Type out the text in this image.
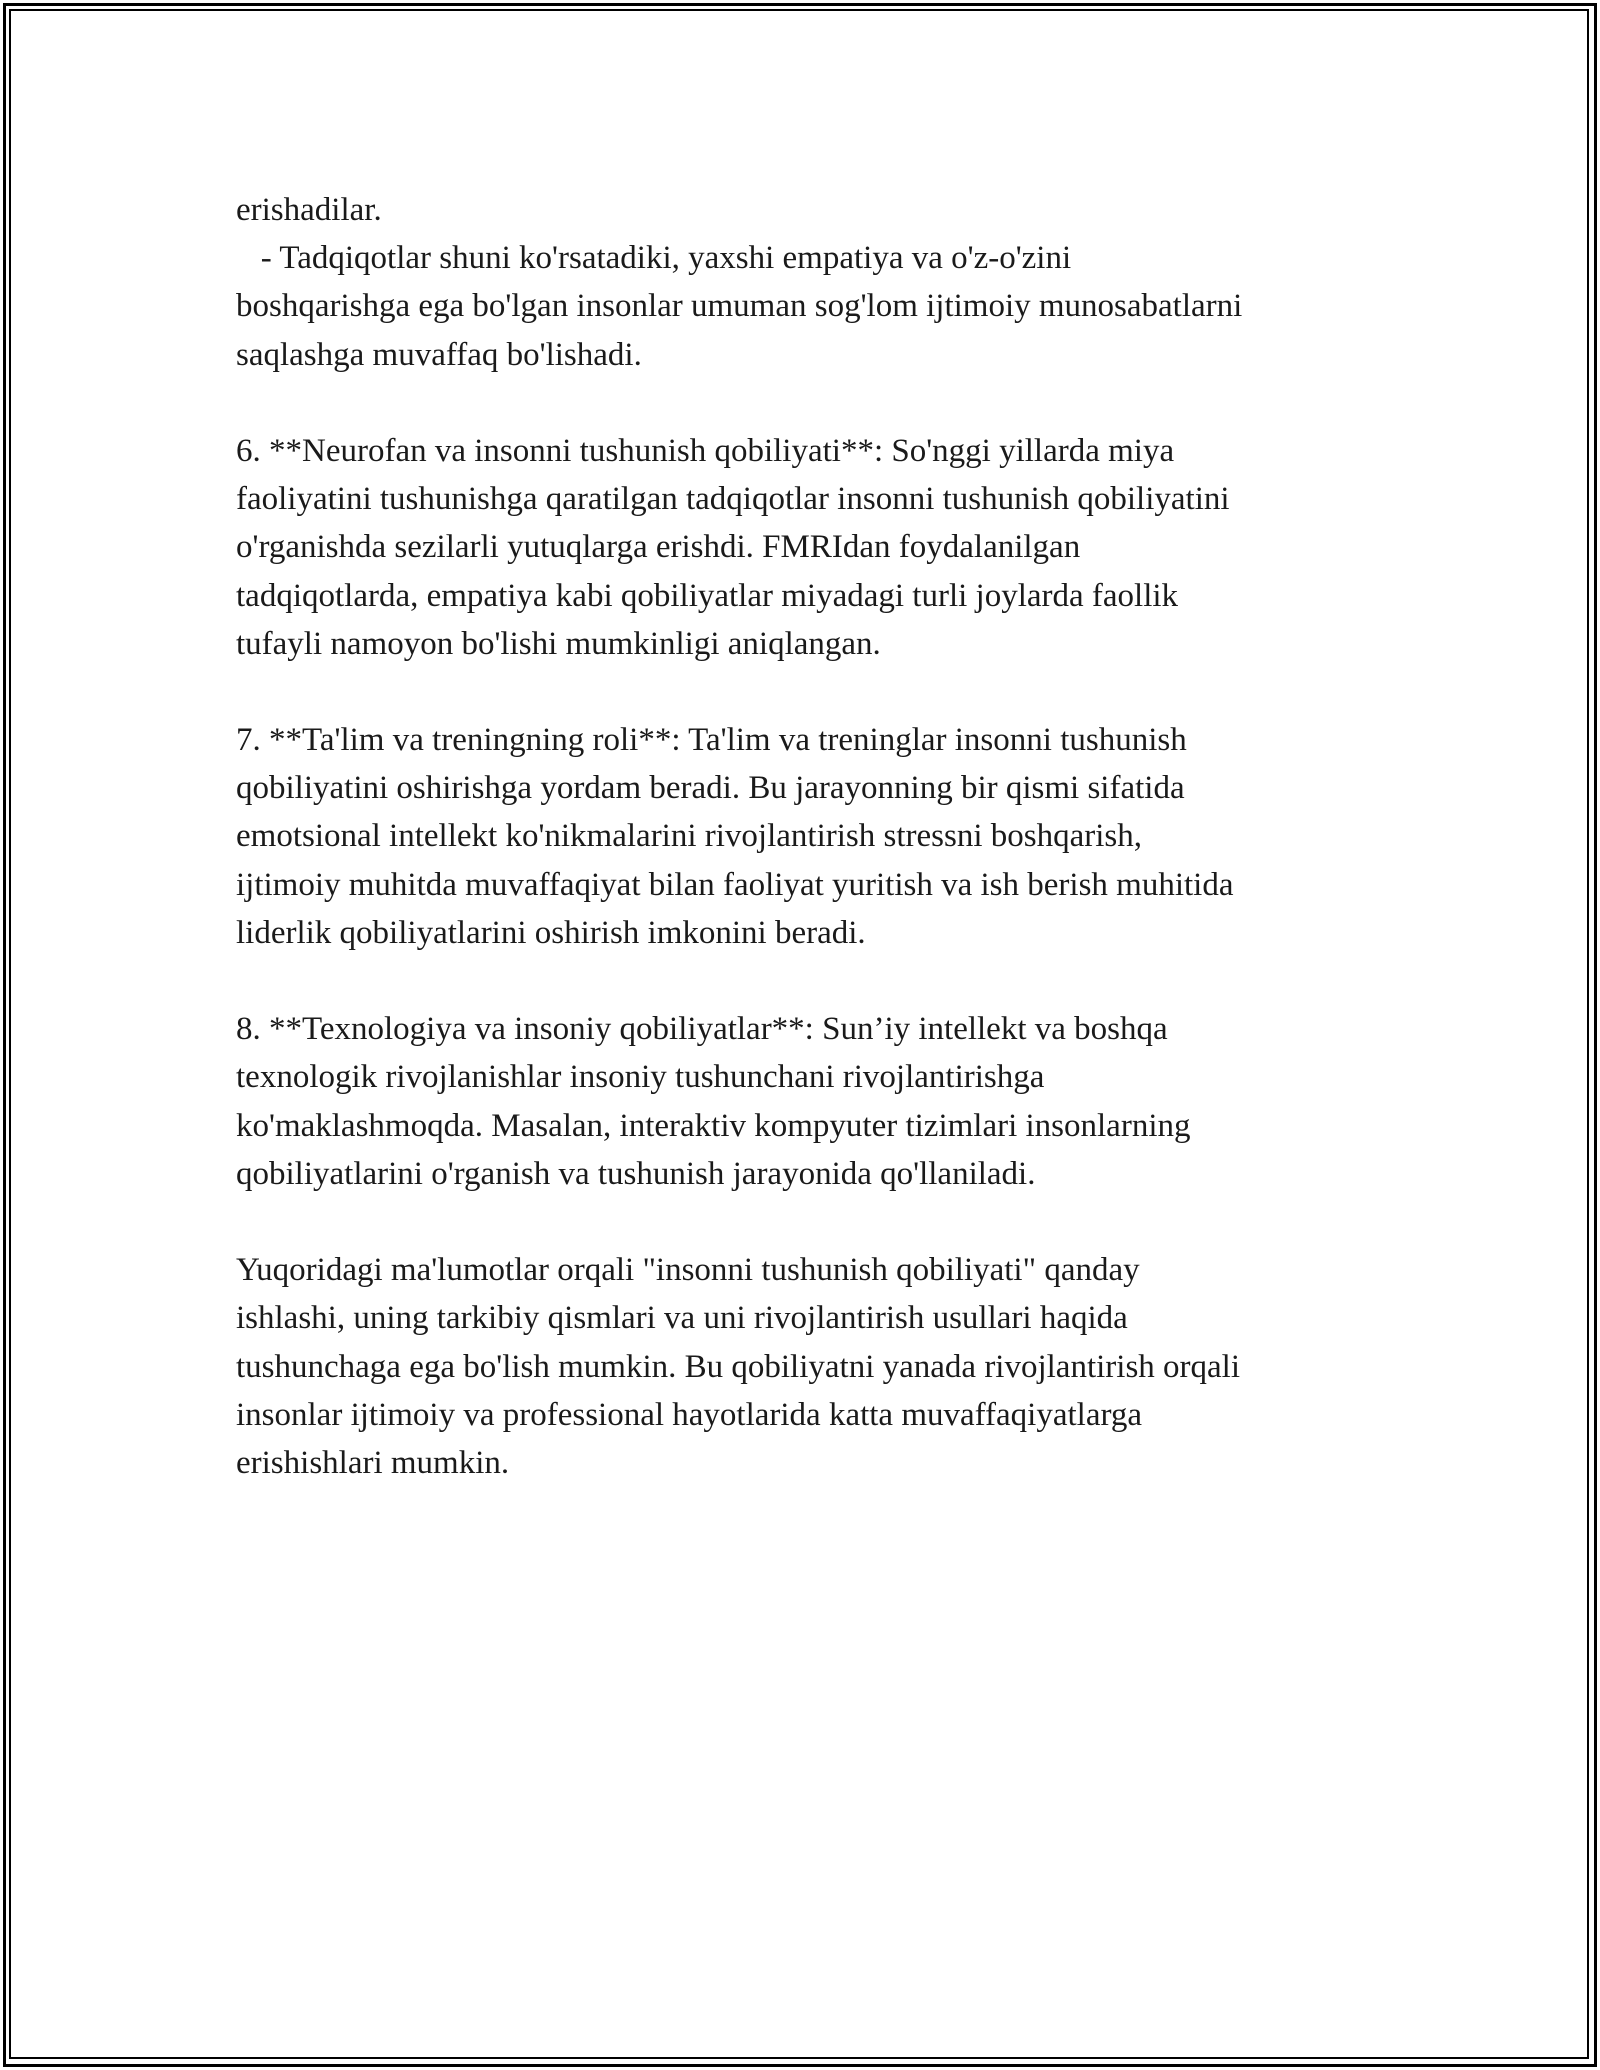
erishadilar.
- Tadqiqotlar shuni ko'rsatadiki, yaxshi empatiya va o'z-o'zini
boshqarishga ega bo'lgan insonlar umuman sog'lom ijtimoiy munosabatlarni
saqlashga muvaffaq bo'lishadi.
6. **Neurofan va insonni tushunish qobiliyati**: So'nggi yillarda miya
faoliyatini tushunishga qaratilgan tadqiqotlar insonni tushunish qobiliyatini
o'rganishda sezilarli yutuqlarga erishdi. FMRIdan foydalanilgan
tadqiqotlarda, empatiya kabi qobiliyatlar miyadagi turli joylarda faollik
tufayli namoyon bo'lishi mumkinligi aniqlangan.
7. **Ta'lim va treningning roli**: Ta'lim va treninglar insonni tushunish
qobiliyatini oshirishga yordam beradi. Bu jarayonning bir qismi sifatida
emotsional intellekt ko'nikmalarini rivojlantirish stressni boshqarish,
ijtimoiy muhitda muvaffaqiyat bilan faoliyat yuritish va ish berish muhitida
liderlik qobiliyatlarini oshirish imkonini beradi.
8. **Texnologiya va insoniy qobiliyatlar**: Sun’iy intellekt va boshqa
texnologik rivojlanishlar insoniy tushunchani rivojlantirishga
ko'maklashmoqda. Masalan, interaktiv kompyuter tizimlari insonlarning
qobiliyatlarini o'rganish va tushunish jarayonida qo'llaniladi.
Yuqoridagi ma'lumotlar orqali "insonni tushunish qobiliyati" qanday
ishlashi, uning tarkibiy qismlari va uni rivojlantirish usullari haqida
tushunchaga ega bo'lish mumkin. Bu qobiliyatni yanada rivojlantirish orqali
insonlar ijtimoiy va professional hayotlarida katta muvaffaqiyatlarga
erishishlari mumkin.
